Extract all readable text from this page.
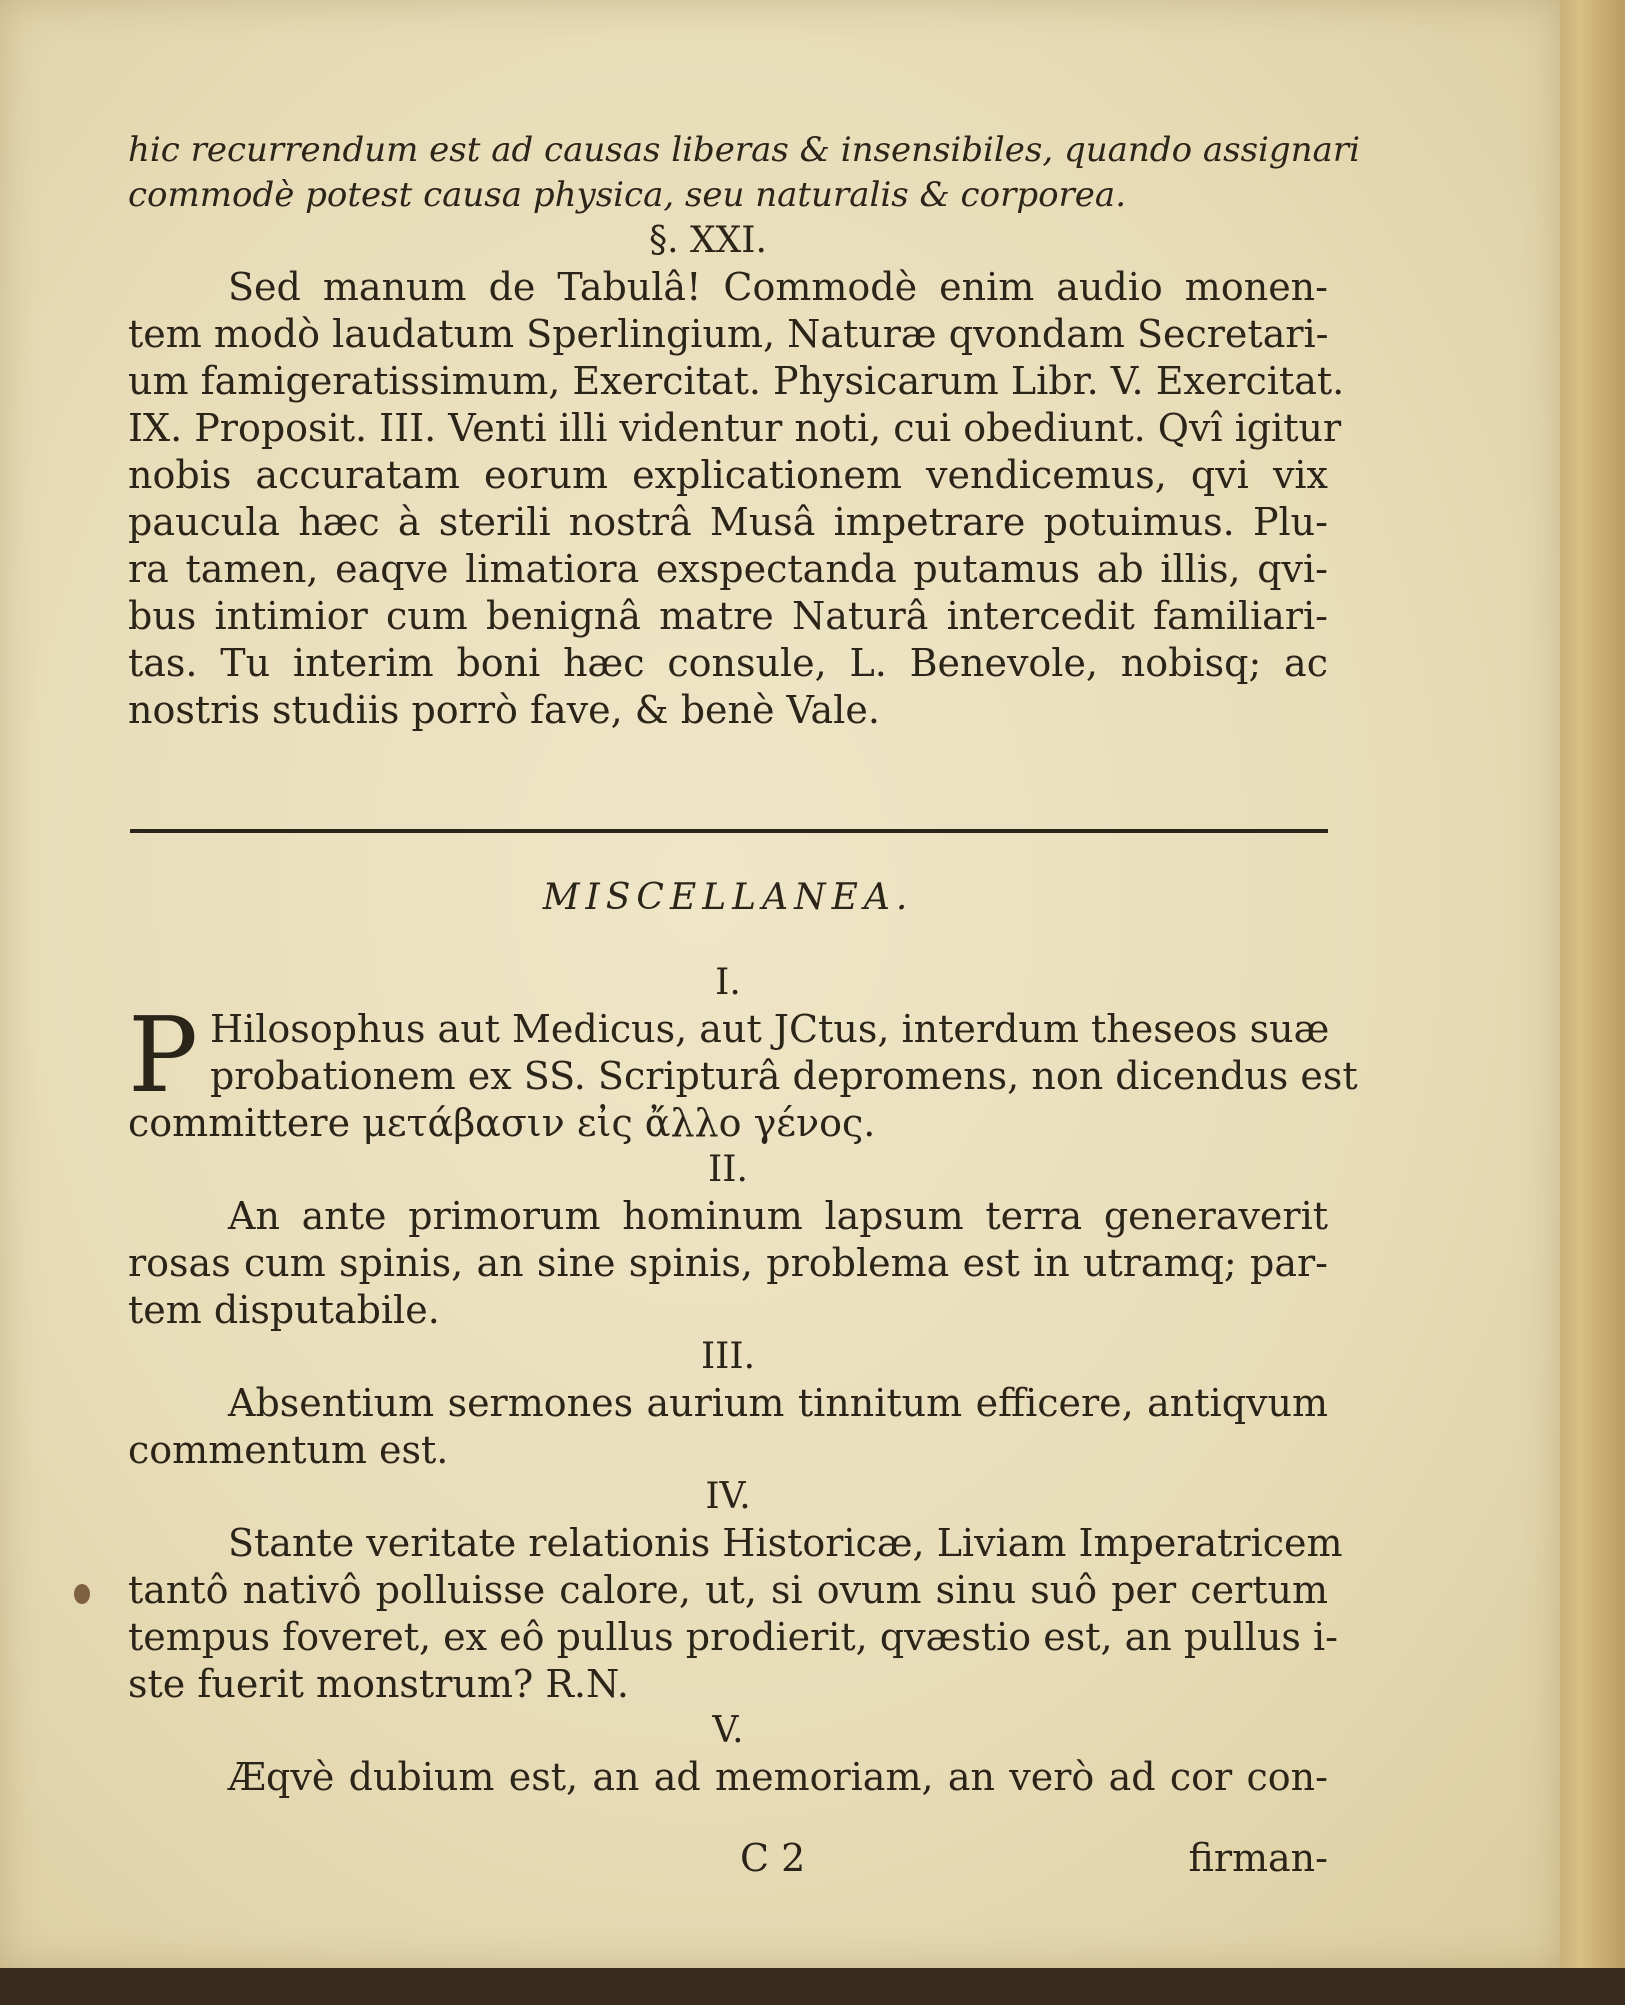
hic recurrendum est ad causas liberas & insensibiles, quando assignari
commodè potest causa physica, seu naturalis & corporea.
§. XXI.
Sed manum de Tabulâ! Commodè enim audio monen-
tem modò laudatum Sperlingium, Naturæ qvondam Secretari-
um famigeratissimum, Exercitat. Physicarum Libr. V. Exercitat.
IX. Proposit. III. Venti illi videntur noti, cui obediunt. Qvî igitur
nobis accuratam eorum explicationem vendicemus, qvi vix
paucula hæc à sterili nostrâ Musâ impetrare potuimus. Plu-
ra tamen, eaqve limatiora exspectanda putamus ab illis, qvi-
bus intimior cum benignâ matre Naturâ intercedit familiari-
tas. Tu interim boni hæc consule, L. Benevole, nobisq; ac
nostris studiis porrò fave, & benè Vale.
MISCELLANEA.
I.
P Hilosophus aut Medicus, aut JCtus, interdum theseos suæ
probationem ex SS. Scripturâ depromens, non dicendus est
committere μετάβασιν εἰς ἄλλο γένος.
II.
An ante primorum hominum lapsum terra generaverit
rosas cum spinis, an sine spinis, problema est in utramq; par-
tem disputabile.
III.
Absentium sermones aurium tinnitum efficere, antiqvum
commentum est.
IV.
Stante veritate relationis Historicæ, Liviam Imperatricem
tantô nativô polluisse calore, ut, si ovum sinu suô per certum
tempus foveret, ex eô pullus prodierit, qvæstio est, an pullus i-
ste fuerit monstrum? R.N.
V.
Æqvè dubium est, an ad memoriam, an verò ad cor con-
C 2	firman-
